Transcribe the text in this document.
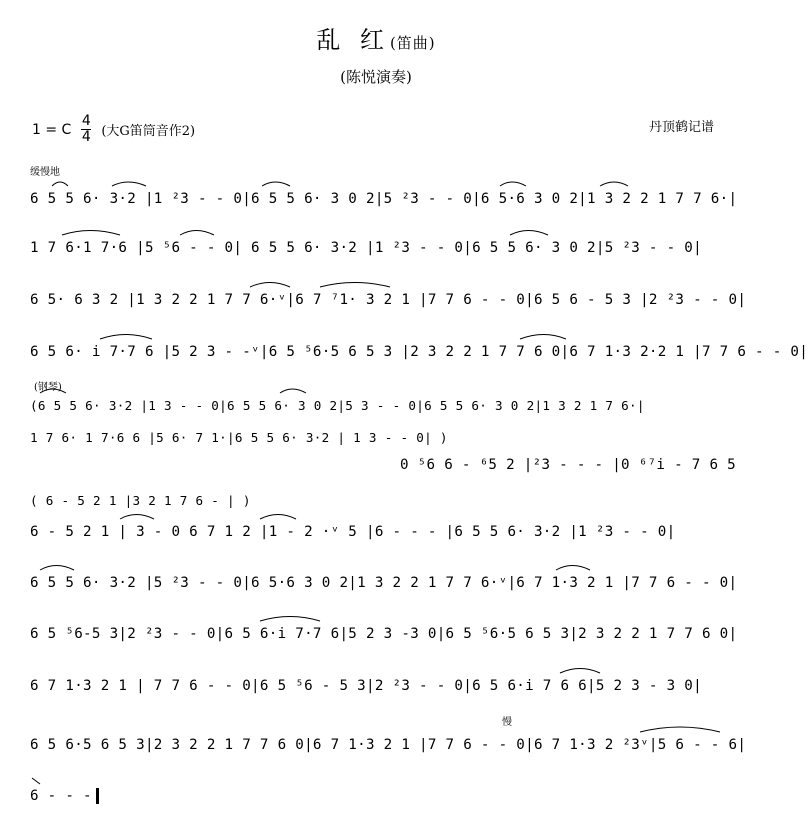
乱 红(笛曲)
(陈悦演奏)
1 = C
4
4 (大G笛筒音作2)	丹顶鹤记谱
缓慢地
6 5 5 6· 3·2 |1 ²3 - - 0|6 5 5 6· 3 0 2|5 ²3 - - 0|6 5·6 3 0 2|1 3 2 2 1 7 7 6·|
1 7 6·1 7·6 |5 ⁵6 - - 0| 6 5 5 6· 3·2 |1 ²3 - - 0|6 5 5 6· 3 0 2|5 ²3 - - 0|
6 5· 6 3 2 |1 3 2 2 1 7 7 6·ᵛ|6 7 ⁷1· 3 2 1 |7 7 6 - - 0|6 5 6 - 5 3 |2 ²3 - - 0|
6 5 6· i 7·7 6 |5 2 3 - -ᵛ|6 5 ⁵6·5 6 5 3 |2 3 2 2 1 7 7 6 0|6 7 1·3 2·2 1 |7 7 6 - - 0|
(钢琴)
(6 5 5 6· 3·2 |1 3 - - 0|6 5 5 6· 3 0 2|5 3 - - 0|6 5 5 6· 3 0 2|1 3 2 1 7 6·|
1 7 6· 1 7·6 6 |5 6· 7 1·|6 5 5 6· 3·2 | 1 3 - - 0| )
0 ⁵6 6 - ⁶5 2 |²3 - - - |0 ⁶⁷i - 7 6 5
( 6 - 5 2 1 |3 2 1 7 6 - | )
6 - 5 2 1 | 3 - 0 6 7 1 2 |1 - 2 ·ᵛ 5 |6 - - - |6 5 5 6· 3·2 |1 ²3 - - 0|
6 5 5 6· 3·2 |5 ²3 - - 0|6 5·6 3 0 2|1 3 2 2 1 7 7 6·ᵛ|6 7 1·3 2 1 |7 7 6 - - 0|
6 5 ⁵6-5 3|2 ²3 - - 0|6 5 6·i 7·7 6|5 2 3 -3 0|6 5 ⁵6·5 6 5 3|2 3 2 2 1 7 7 6 0|
6 7 1·3 2 1 | 7 7 6 - - 0|6 5 ⁵6 - 5 3|2 ²3 - - 0|6 5 6·i 7 6 6|5 2 3 - 3 0|
慢
6 5 6·5 6 5 3|2 3 2 2 1 7 7 6 0|6 7 1·3 2 1 |7 7 6 - - 0|6 7 1·3 2 ²3ᵛ|5 6 - - 6|
6 - - -
